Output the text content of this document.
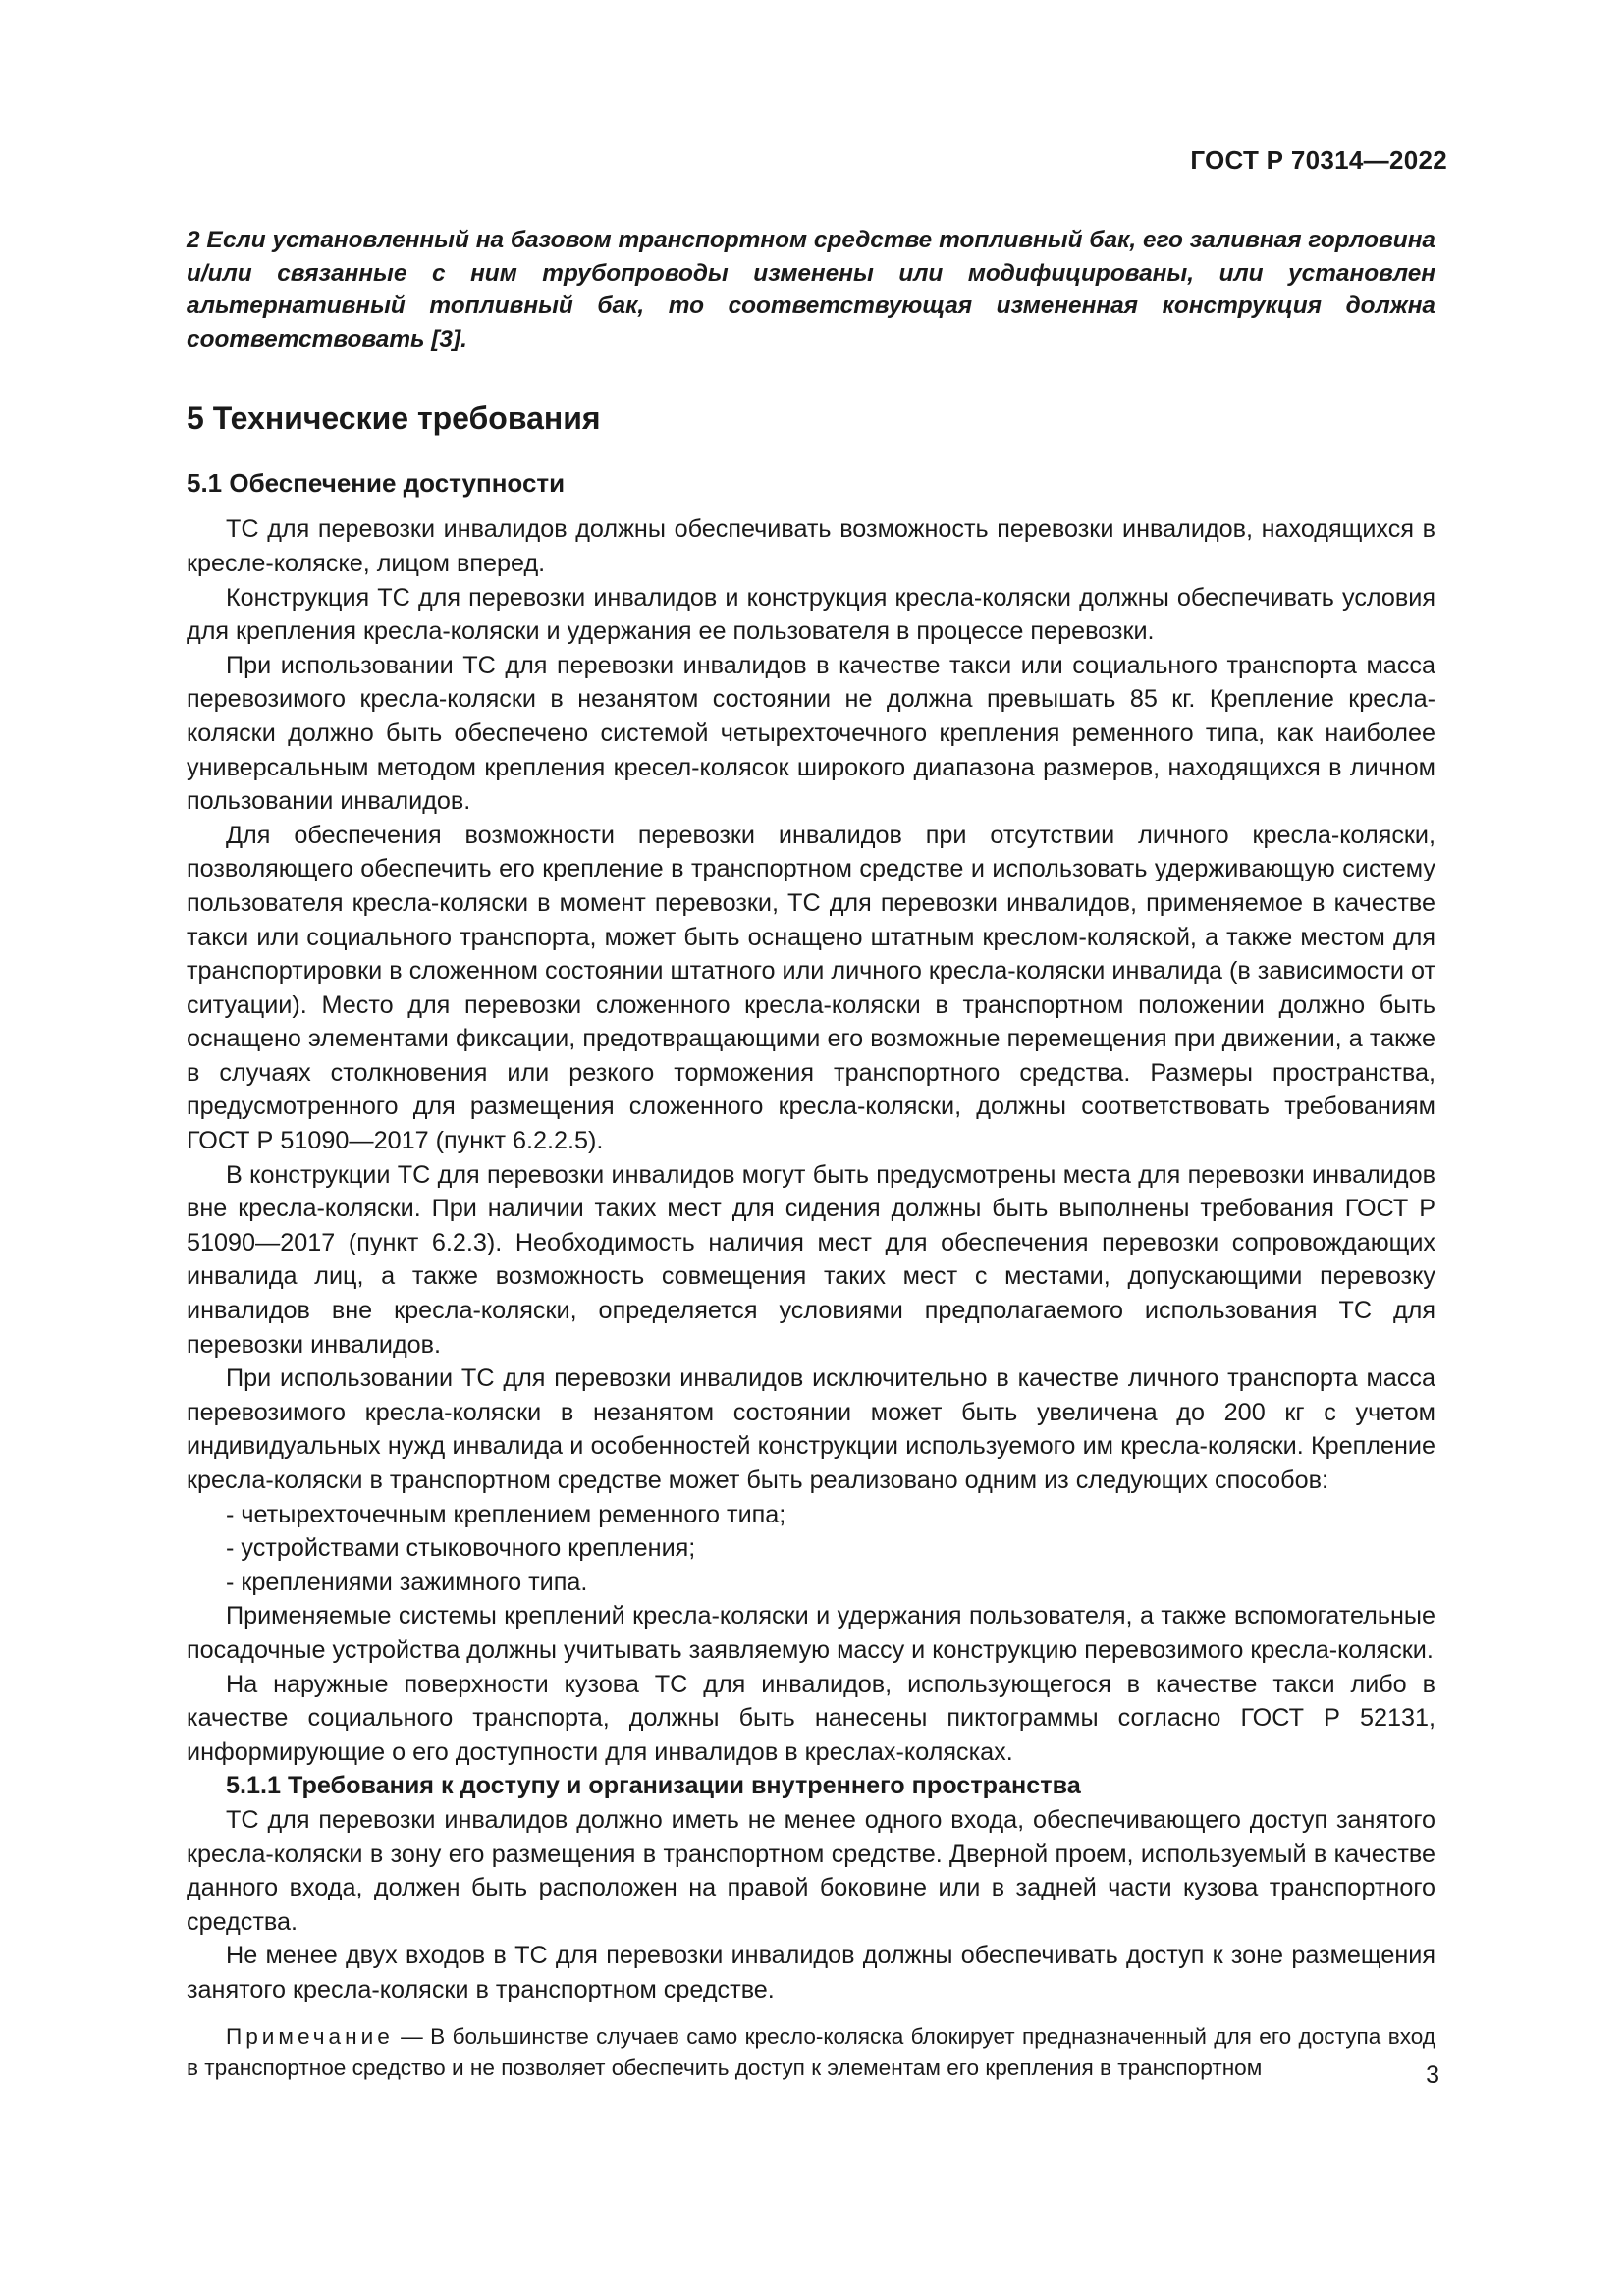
ГОСТ Р 70314—2022

2 Если установленный на базовом транспортном средстве топливный бак, его заливная горловина и/или связанные с ним трубопроводы изменены или модифицированы, или установлен альтернативный топливный бак, то соответствующая измененная конструкция должна соответствовать [3].

5 Технические требования
5.1 Обеспечение доступности

ТС для перевозки инвалидов должны обеспечивать возможность перевозки инвалидов, находящихся в кресле-коляске, лицом вперед.

Конструкция ТС для перевозки инвалидов и конструкция кресла-коляски должны обеспечивать условия для крепления кресла-коляски и удержания ее пользователя в процессе перевозки.

При использовании ТС для перевозки инвалидов в качестве такси или социального транспорта масса перевозимого кресла-коляски в незанятом состоянии не должна превышать 85 кг. Крепление кресла-коляски должно быть обеспечено системой четырехточечного крепления ременного типа, как наиболее универсальным методом крепления кресел-колясок широкого диапазона размеров, находящихся в личном пользовании инвалидов.

Для обеспечения возможности перевозки инвалидов при отсутствии личного кресла-коляски, позволяющего обеспечить его крепление в транспортном средстве и использовать удерживающую систему пользователя кресла-коляски в момент перевозки, ТС для перевозки инвалидов, применяемое в качестве такси или социального транспорта, может быть оснащено штатным креслом-коляской, а также местом для транспортировки в сложенном состоянии штатного или личного кресла-коляски инвалида (в зависимости от ситуации). Место для перевозки сложенного кресла-коляски в транспортном положении должно быть оснащено элементами фиксации, предотвращающими его возможные перемещения при движении, а также в случаях столкновения или резкого торможения транспортного средства. Размеры пространства, предусмотренного для размещения сложенного кресла-коляски, должны соответствовать требованиям ГОСТ Р 51090—2017 (пункт 6.2.2.5).

В конструкции ТС для перевозки инвалидов могут быть предусмотрены места для перевозки инвалидов вне кресла-коляски. При наличии таких мест для сидения должны быть выполнены требования ГОСТ Р 51090—2017 (пункт 6.2.3). Необходимость наличия мест для обеспечения перевозки сопровождающих инвалида лиц, а также возможность совмещения таких мест с местами, допускающими перевозку инвалидов вне кресла-коляски, определяется условиями предполагаемого использования ТС для перевозки инвалидов.

При использовании ТС для перевозки инвалидов исключительно в качестве личного транспорта масса перевозимого кресла-коляски в незанятом состоянии может быть увеличена до 200 кг с учетом индивидуальных нужд инвалида и особенностей конструкции используемого им кресла-коляски. Крепление кресла-коляски в транспортном средстве может быть реализовано одним из следующих способов:

- четырехточечным креплением ременного типа;

- устройствами стыковочного крепления;

- креплениями зажимного типа.

Применяемые системы креплений кресла-коляски и удержания пользователя, а также вспомогательные посадочные устройства должны учитывать заявляемую массу и конструкцию перевозимого кресла-коляски.

На наружные поверхности кузова ТС для инвалидов, использующегося в качестве такси либо в качестве социального транспорта, должны быть нанесены пиктограммы согласно ГОСТ Р 52131, информирующие о его доступности для инвалидов в креслах-колясках.

5.1.1 Требования к доступу и организации внутреннего пространства

ТС для перевозки инвалидов должно иметь не менее одного входа, обеспечивающего доступ занятого кресла-коляски в зону его размещения в транспортном средстве. Дверной проем, используемый в качестве данного входа, должен быть расположен на правой боковине или в задней части кузова транспортного средства.

Не менее двух входов в ТС для перевозки инвалидов должны обеспечивать доступ к зоне размещения занятого кресла-коляски в транспортном средстве.

Примечание — В большинстве случаев само кресло-коляска блокирует предназначенный для его доступа вход в транспортное средство и не позволяет обеспечить доступ к элементам его крепления в транспортном	3
